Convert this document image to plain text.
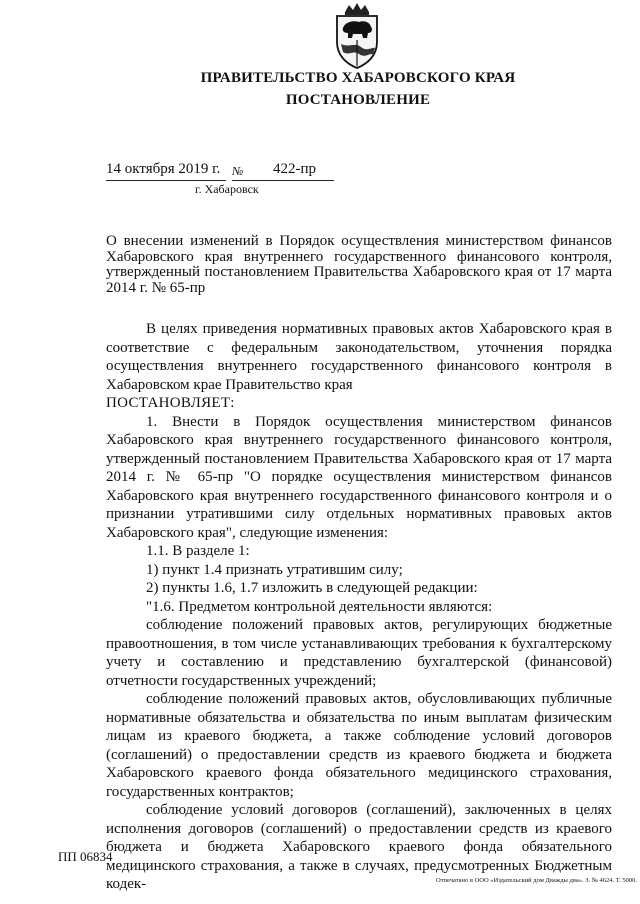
ПРАВИТЕЛЬСТВО ХАБАРОВСКОГО КРАЯ
ПОСТАНОВЛЕНИЕ
14 октября 2019 г. № 422-пр
г. Хабаровск
О внесении изменений в Порядок осуществления министерством финансов Хабаровского края внутреннего государственного финансового контроля, утвержденный постановлением Правительства Хабаровского края от 17 марта 2014 г. № 65-пр

В целях приведения нормативных правовых актов Хабаровского края в соответствие с федеральным законодательством, уточнения порядка осуществления внутреннего государственного финансового контроля в Хабаровском крае Правительство края

ПОСТАНОВЛЯЕТ:

1. Внести в Порядок осуществления министерством финансов Хабаровского края внутреннего государственного финансового контроля, утвержденный постановлением Правительства Хабаровского края от 17 марта 2014 г. № 65-пр "О порядке осуществления министерством финансов Хабаровского края внутреннего государственного финансового контроля и о признании утратившими силу отдельных нормативных правовых актов Хабаровского края", следующие изменения:

1.1. В разделе 1:

1) пункт 1.4 признать утратившим силу;

2) пункты 1.6, 1.7 изложить в следующей редакции:

"1.6. Предметом контрольной деятельности являются:

соблюдение положений правовых актов, регулирующих бюджетные правоотношения, в том числе устанавливающих требования к бухгалтерскому учету и составлению и представлению бухгалтерской (финансовой) отчетности государственных учреждений;

соблюдение положений правовых актов, обусловливающих публичные нормативные обязательства и обязательства по иным выплатам физическим лицам из краевого бюджета, а также соблюдение условий договоров (соглашений) о предоставлении средств из краевого бюджета и бюджета Хабаровского краевого фонда обязательного медицинского страхования, государственных контрактов;

соблюдение условий договоров (соглашений), заключенных в целях исполнения договоров (соглашений) о предоставлении средств из краевого бюджета и бюджета Хабаровского краевого фонда обязательного медицинского страхования, а также в случаях, предусмотренных Бюджетным кодек-

ПП 06834
Отпечатано в ООО «Издательский дом Дважды два». З. № 4624. Т. 5000.
